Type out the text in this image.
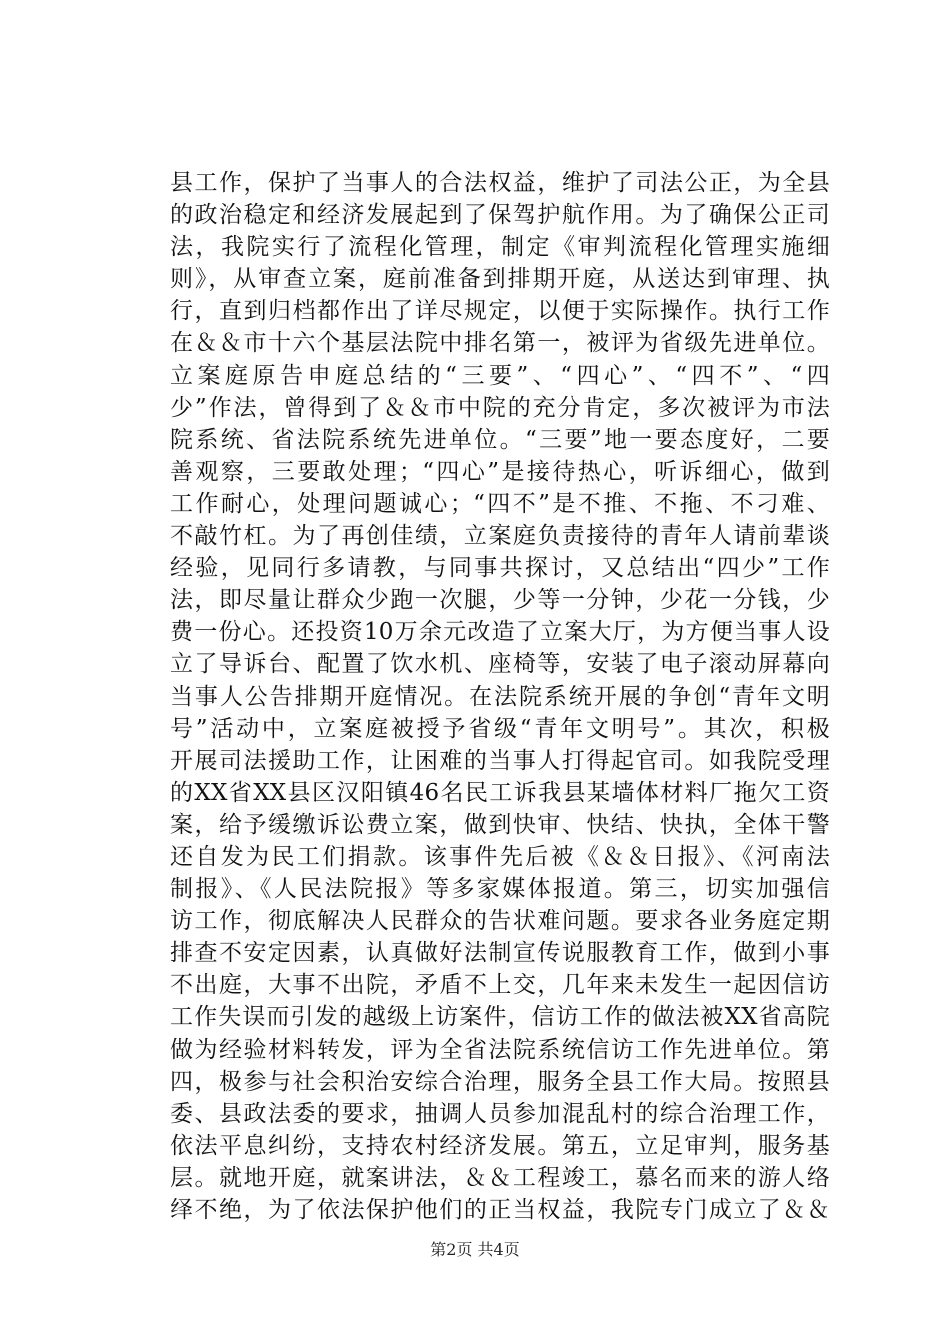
县工作，保护了当事人的合法权益，维护了司法公正，为全县
的政治稳定和经济发展起到了保驾护航作用。为了确保公正司
法，我院实行了流程化管理，制定《审判流程化管理实施细
则》，从审查立案，庭前准备到排期开庭，从送达到审理、执
行，直到归档都作出了详尽规定，以便于实际操作。执行工作
在＆＆市十六个基层法院中排名第一，被评为省级先进单位。
立案庭原告申庭总结的“三要”、“四心”、“四不”、“四
少”作法，曾得到了＆＆市中院的充分肯定，多次被评为市法
院系统、省法院系统先进单位。“三要”地一要态度好，二要
善观察，三要敢处理；“四心”是接待热心，听诉细心，做到
工作耐心，处理问题诚心；“四不”是不推、不拖、不刁难、
不敲竹杠。为了再创佳绩，立案庭负责接待的青年人请前辈谈
经验，见同行多请教，与同事共探讨，又总结出“四少”工作
法，即尽量让群众少跑一次腿，少等一分钟，少花一分钱，少
费一份心。还投资10万余元改造了立案大厅，为方便当事人设
立了导诉台、配置了饮水机、座椅等，安装了电子滚动屏幕向
当事人公告排期开庭情况。在法院系统开展的争创“青年文明
号”活动中，立案庭被授予省级“青年文明号”。其次，积极
开展司法援助工作，让困难的当事人打得起官司。如我院受理
的XX省XX县区汉阳镇46名民工诉我县某墙体材料厂拖欠工资
案，给予缓缴诉讼费立案，做到快审、快结、快执，全体干警
还自发为民工们捐款。该事件先后被《＆＆日报》、《河南法
制报》、《人民法院报》等多家媒体报道。第三，切实加强信
访工作，彻底解决人民群众的告状难问题。要求各业务庭定期
排查不安定因素，认真做好法制宣传说服教育工作，做到小事
不出庭，大事不出院，矛盾不上交，几年来未发生一起因信访
工作失误而引发的越级上访案件，信访工作的做法被XX省高院
做为经验材料转发，评为全省法院系统信访工作先进单位。第
四，极参与社会积治安综合治理，服务全县工作大局。按照县
委、县政法委的要求，抽调人员参加混乱村的综合治理工作，
依法平息纠纷，支持农村经济发展。第五，立足审判，服务基
层。就地开庭，就案讲法，＆＆工程竣工，慕名而来的游人络
绎不绝，为了依法保护他们的正当权益，我院专门成立了＆＆
第2页 共4页
